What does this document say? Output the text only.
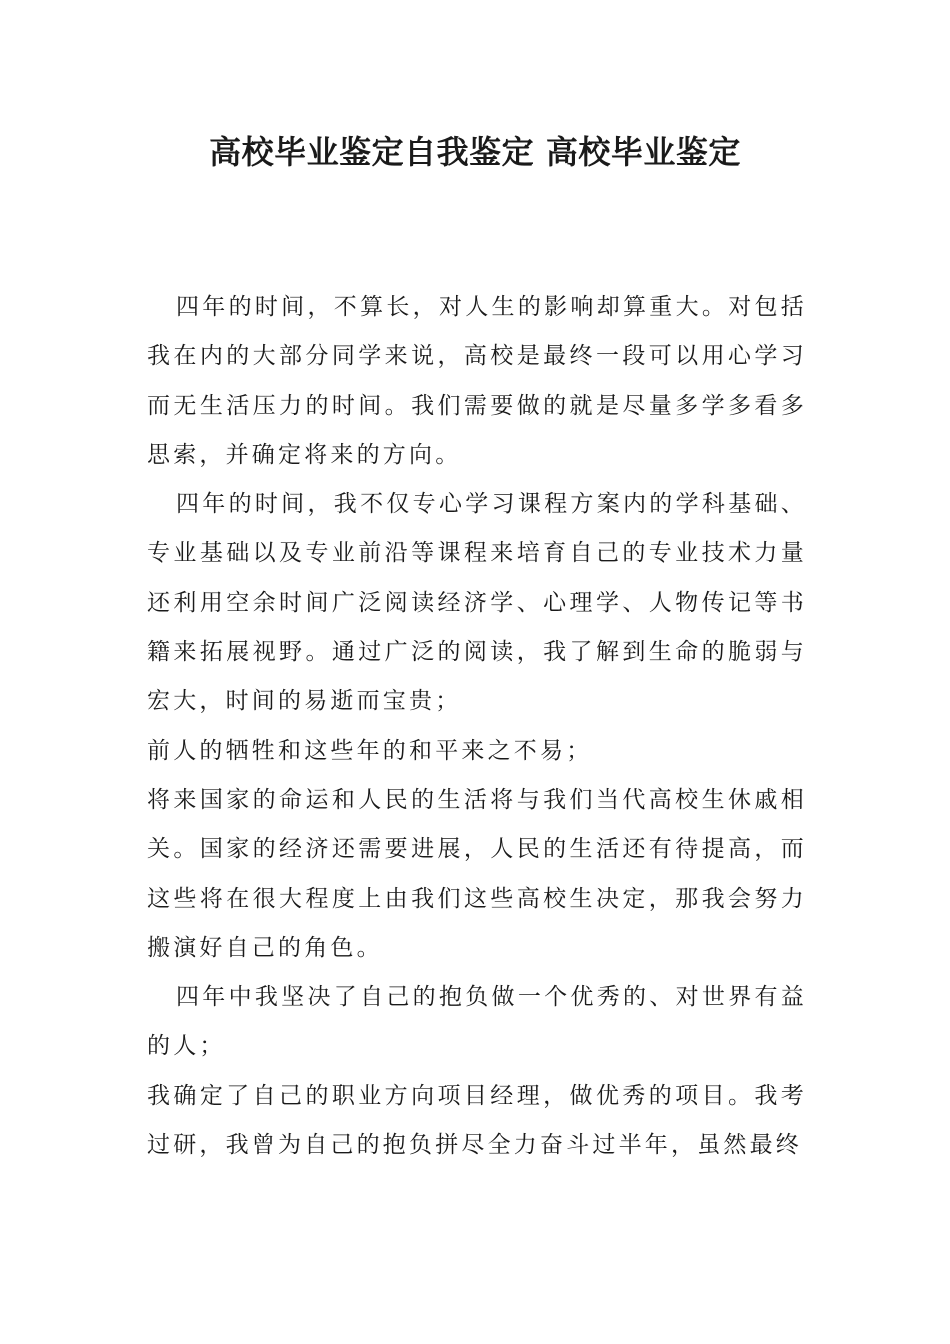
高校毕业鉴定自我鉴定 高校毕业鉴定

四年的时间，不算长，对人生的影响却算重大。对包括我在内的大部分同学来说，高校是最终一段可以用心学习而无生活压力的时间。我们需要做的就是尽量多学多看多思索，并确定将来的方向。

四年的时间，我不仅专心学习课程方案内的学科基础、专业基础以及专业前沿等课程来培育自己的专业技术力量还利用空余时间广泛阅读经济学、心理学、人物传记等书籍来拓展视野。通过广泛的阅读，我了解到生命的脆弱与宏大，时间的易逝而宝贵；

前人的牺牲和这些年的和平来之不易；

将来国家的命运和人民的生活将与我们当代高校生休戚相关。国家的经济还需要进展，人民的生活还有待提高，而这些将在很大程度上由我们这些高校生决定，那我会努力搬演好自己的角色。

四年中我坚决了自己的抱负做一个优秀的、对世界有益的人；

我确定了自己的职业方向项目经理，做优秀的项目。我考过研，我曾为自己的抱负拼尽全力奋斗过半年，虽然最终
